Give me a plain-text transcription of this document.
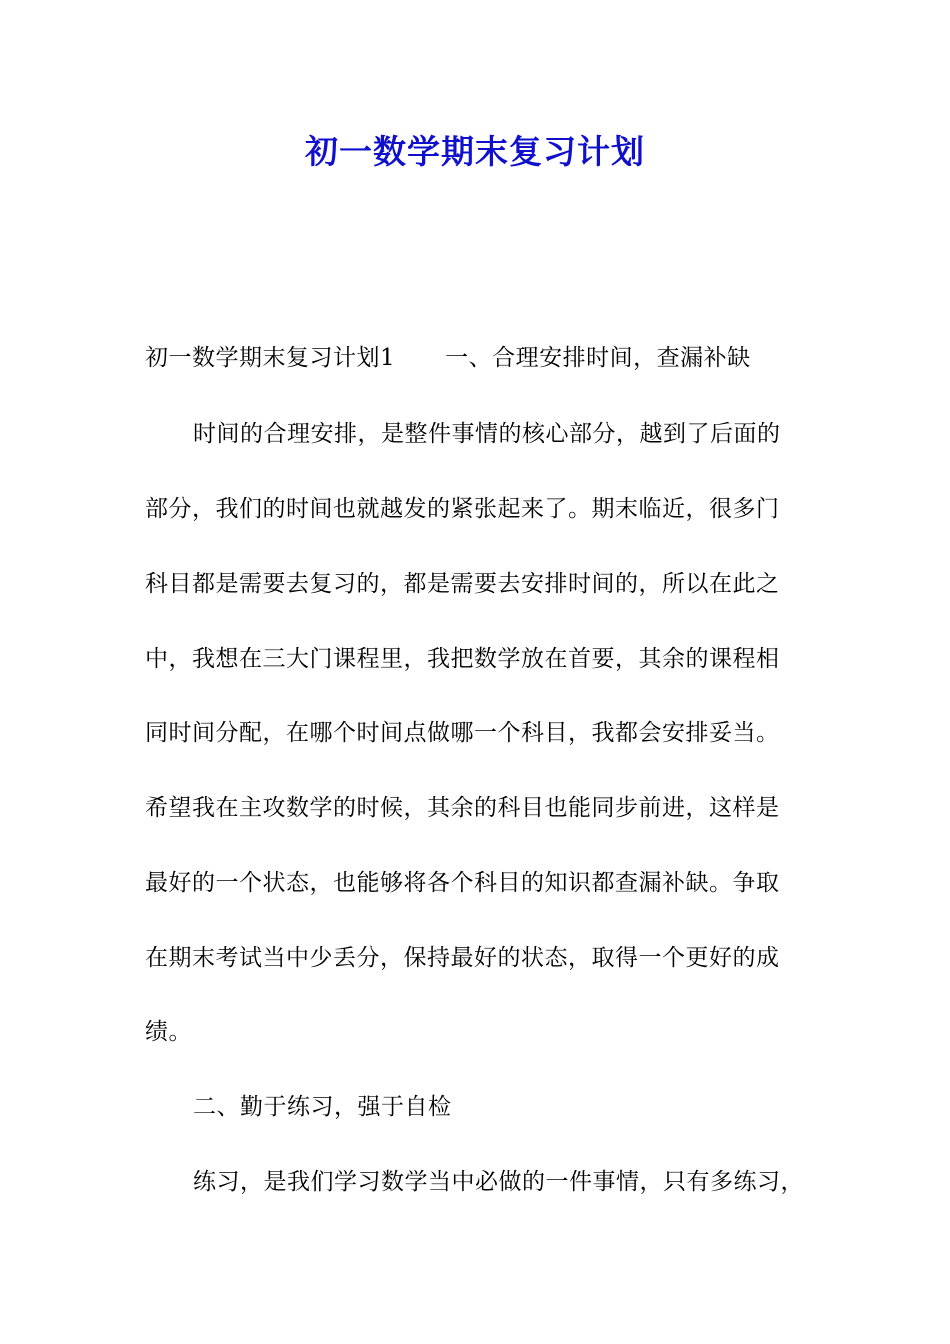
初一数学期末复习计划
初一数学期末复习计划1 一、合理安排时间，查漏补缺
时间的合理安排，是整件事情的核心部分，越到了后面的
部分，我们的时间也就越发的紧张起来了。期末临近，很多门
科目都是需要去复习的，都是需要去安排时间的，所以在此之
中，我想在三大门课程里，我把数学放在首要，其余的课程相
同时间分配，在哪个时间点做哪一个科目，我都会安排妥当。
希望我在主攻数学的时候，其余的科目也能同步前进，这样是
最好的一个状态，也能够将各个科目的知识都查漏补缺。争取
在期末考试当中少丢分，保持最好的状态，取得一个更好的成
绩。
二、勤于练习，强于自检
练习，是我们学习数学当中必做的一件事情，只有多练习，
